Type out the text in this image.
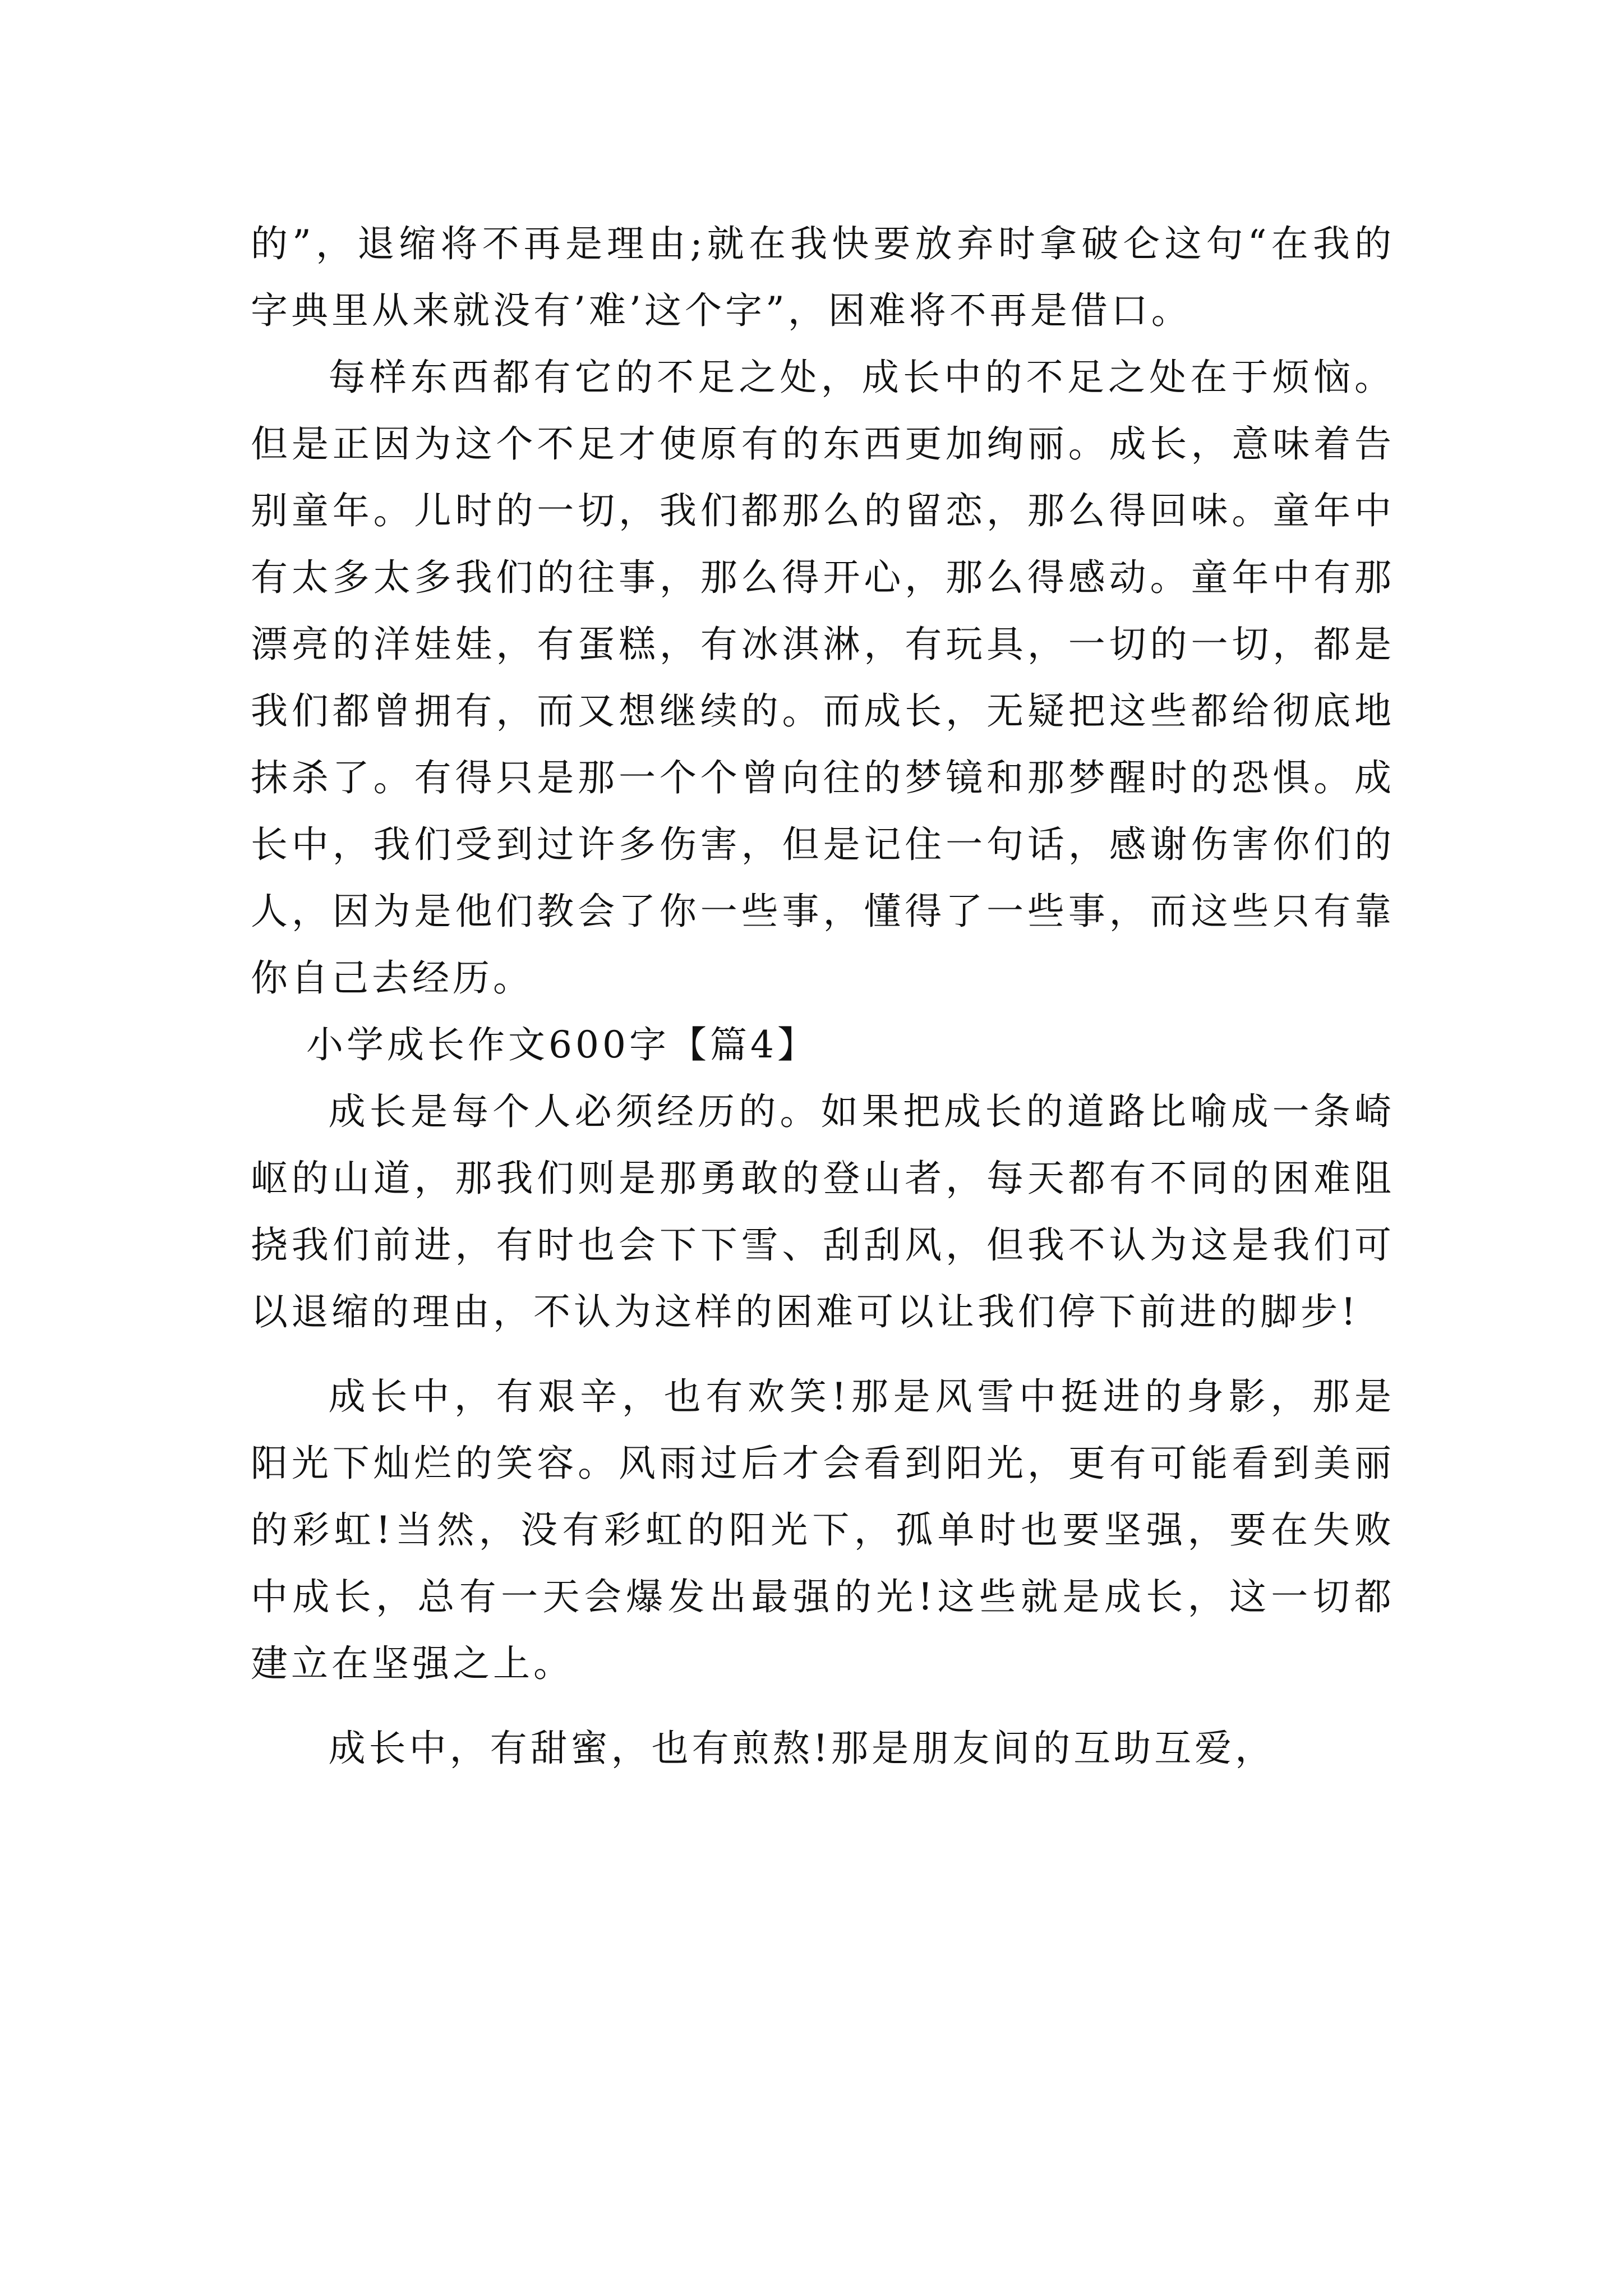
的”，退缩将不再是理由;就在我快要放弃时拿破仑这句“在我的字典里从来就没有’难’这个字”，困难将不再是借口。

每样东西都有它的不足之处，成长中的不足之处在于烦恼。但是正因为这个不足才使原有的东西更加绚丽。成长，意味着告别童年。儿时的一切，我们都那么的留恋，那么得回味。童年中有太多太多我们的往事，那么得开心，那么得感动。童年中有那漂亮的洋娃娃，有蛋糕，有冰淇淋，有玩具，一切的一切，都是我们都曾拥有，而又想继续的。而成长，无疑把这些都给彻底地抹杀了。有得只是那一个个曾向往的梦镜和那梦醒时的恐惧。成长中，我们受到过许多伤害，但是记住一句话，感谢伤害你们的人，因为是他们教会了你一些事，懂得了一些事，而这些只有靠你自己去经历。

小学成长作文600字【篇4】

成长是每个人必须经历的。如果把成长的道路比喻成一条崎岖的山道，那我们则是那勇敢的登山者，每天都有不同的困难阻挠我们前进，有时也会下下雪、刮刮风，但我不认为这是我们可以退缩的理由，不认为这样的困难可以让我们停下前进的脚步!

成长中，有艰辛，也有欢笑!那是风雪中挺进的身影，那是阳光下灿烂的笑容。风雨过后才会看到阳光，更有可能看到美丽的彩虹!当然，没有彩虹的阳光下，孤单时也要坚强，要在失败中成长，总有一天会爆发出最强的光!这些就是成长，这一切都建立在坚强之上。

成长中，有甜蜜，也有煎熬!那是朋友间的互助互爱，
